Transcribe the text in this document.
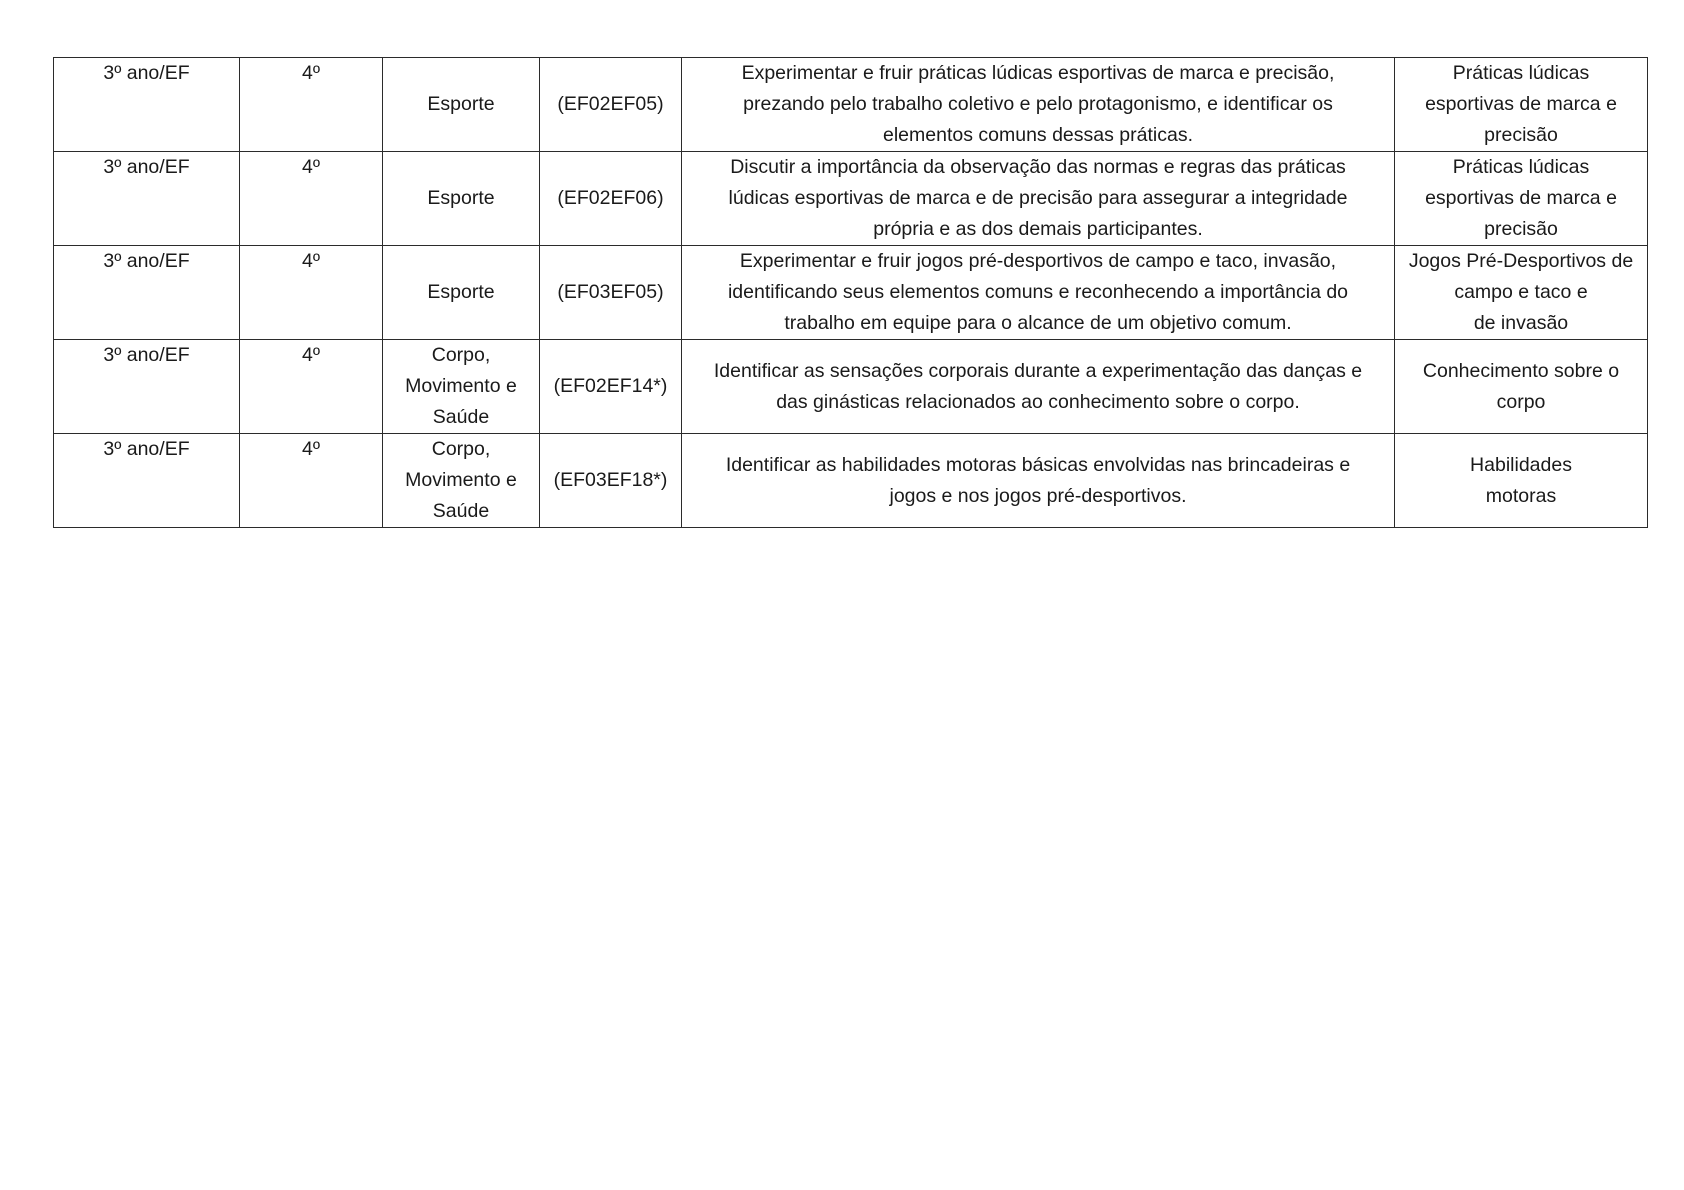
3º ano/EF	4º	Esporte	(EF02EF05)	Experimentar e fruir práticas lúdicas esportivas de marca e precisão,
prezando pelo trabalho coletivo e pelo protagonismo, e identificar os
elementos comuns dessas práticas.	Práticas lúdicas
esportivas de marca e
precisão

3º ano/EF	4º	Esporte	(EF02EF06)	Discutir a importância da observação das normas e regras das práticas
lúdicas esportivas de marca e de precisão para assegurar a integridade
própria e as dos demais participantes.	Práticas lúdicas
esportivas de marca e
precisão

3º ano/EF	4º	Esporte	(EF03EF05)	Experimentar e fruir jogos pré-desportivos de campo e taco, invasão,
identificando seus elementos comuns e reconhecendo a importância do
trabalho em equipe para o alcance de um objetivo comum.	Jogos Pré-Desportivos de
campo e taco e
de invasão

3º ano/EF	4º	Corpo,
Movimento e
Saúde	(EF02EF14*)	Identificar as sensações corporais durante a experimentação das danças e
das ginásticas relacionados ao conhecimento sobre o corpo.	Conhecimento sobre o
corpo

3º ano/EF	4º	Corpo,
Movimento e
Saúde	(EF03EF18*)	Identificar as habilidades motoras básicas envolvidas nas brincadeiras e
jogos e nos jogos pré-desportivos.	Habilidades
motoras
